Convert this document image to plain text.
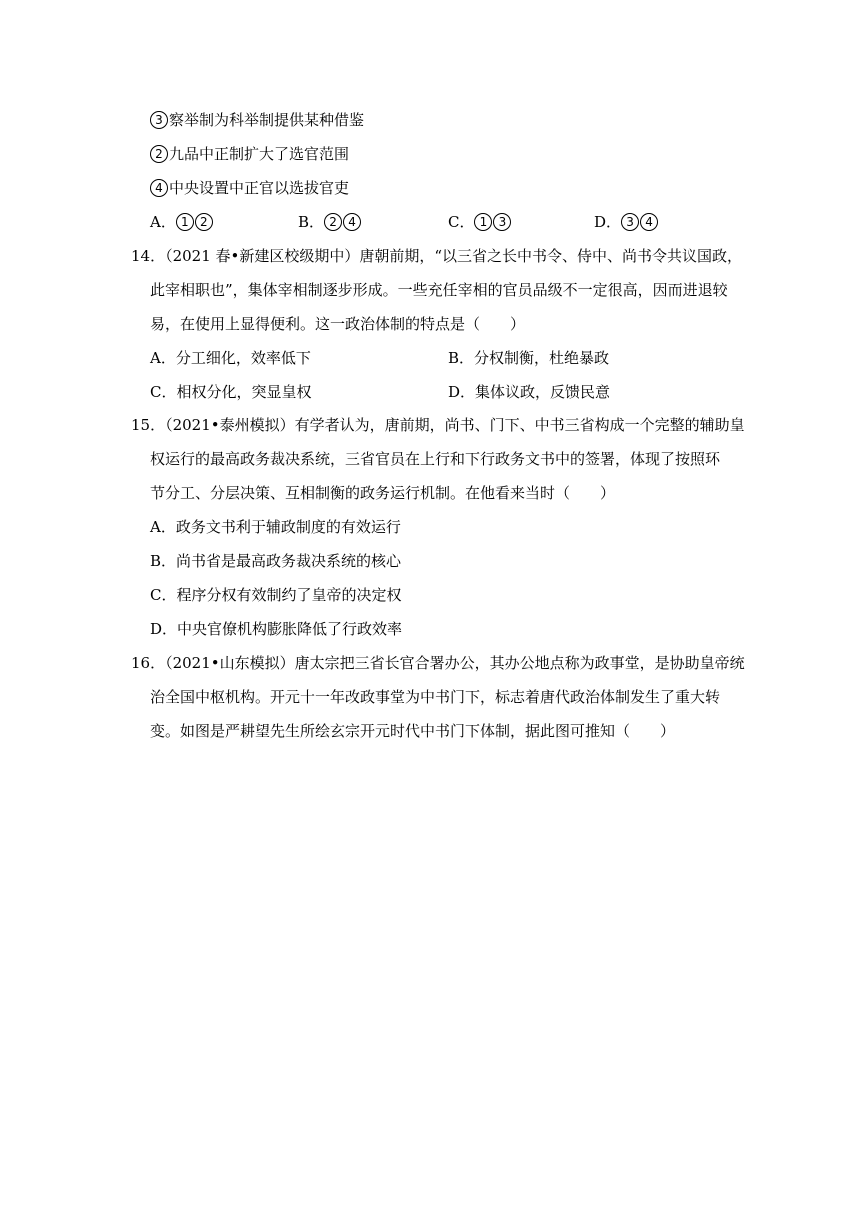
3 察举制为科举制提供某种借鉴
2 九品中正制扩大了选官范围
4 中央设置中正官以选拔官吏
A． 1 2	B． 2 4	C． 1 3	D． 3 4
14．（2021 春•新建区校级期中）唐朝前期，“以三省之长中书令、侍中、尚书令共议国政，
此宰相职也”，集体宰相制逐步形成。一些充任宰相的官员品级不一定很高，因而进退较
易，在使用上显得便利。这一政治体制的特点是（　　）
A．分工细化，效率低下	B．分权制衡，杜绝暴政
C．相权分化，突显皇权	D．集体议政，反馈民意
15．（2021•泰州模拟）有学者认为，唐前期，尚书、门下、中书三省构成一个完整的辅助皇
权运行的最高政务裁决系统，三省官员在上行和下行政务文书中的签署，体现了按照环
节分工、分层决策、互相制衡的政务运行机制。在他看来当时（　　）
A．政务文书利于辅政制度的有效运行
B．尚书省是最高政务裁决系统的核心
C．程序分权有效制约了皇帝的决定权
D．中央官僚机构膨胀降低了行政效率
16．（2021•山东模拟）唐太宗把三省长官合署办公，其办公地点称为政事堂，是协助皇帝统
治全国中枢机构。开元十一年改政事堂为中书门下，标志着唐代政治体制发生了重大转
变。如图是严耕望先生所绘玄宗开元时代中书门下体制，据此图可推知（　　）
